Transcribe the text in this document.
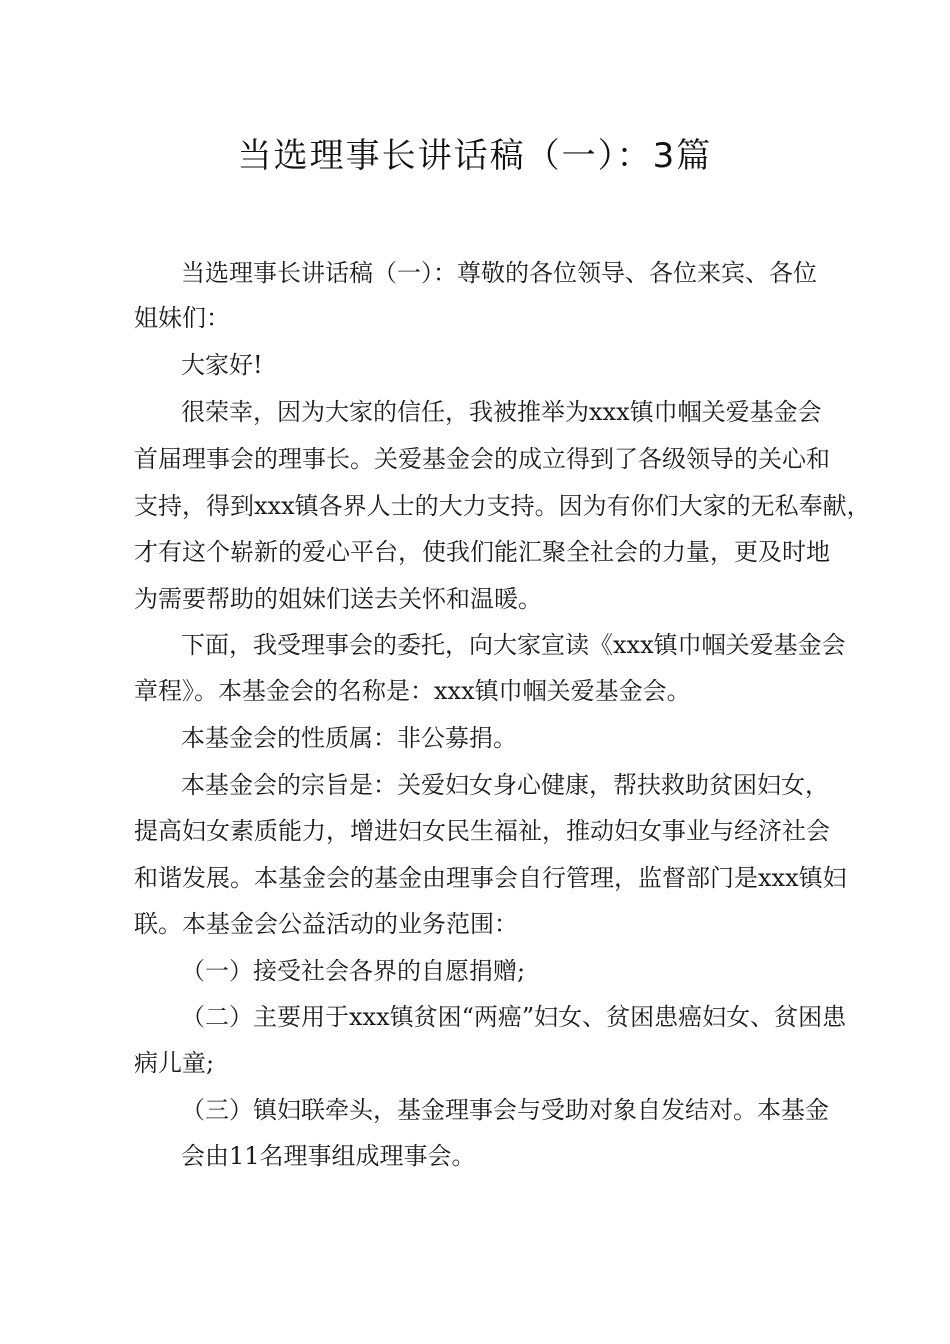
当选理事长讲话稿（一）：3篇
当选理事长讲话稿（一）：尊敬的各位领导、各位来宾、各位
姐妹们：
大家好!
很荣幸，因为大家的信任，我被推举为xxx镇巾帼关爱基金会
首届理事会的理事长。关爱基金会的成立得到了各级领导的关心和
支持，得到xxx镇各界人士的大力支持。因为有你们大家的无私奉献，
才有这个崭新的爱心平台，使我们能汇聚全社会的力量，更及时地
为需要帮助的姐妹们送去关怀和温暖。
下面，我受理事会的委托，向大家宣读《xxx镇巾帼关爱基金会
章程》。本基金会的名称是：xxx镇巾帼关爱基金会。
本基金会的性质属：非公募捐。
本基金会的宗旨是：关爱妇女身心健康，帮扶救助贫困妇女，
提高妇女素质能力，增进妇女民生福祉，推动妇女事业与经济社会
和谐发展。本基金会的基金由理事会自行管理，监督部门是xxx镇妇
联。本基金会公益活动的业务范围：
（一）接受社会各界的自愿捐赠;
（二）主要用于xxx镇贫困“两癌”妇女、贫困患癌妇女、贫困患
病儿童;
（三）镇妇联牵头，基金理事会与受助对象自发结对。本基金
会由11名理事组成理事会。
